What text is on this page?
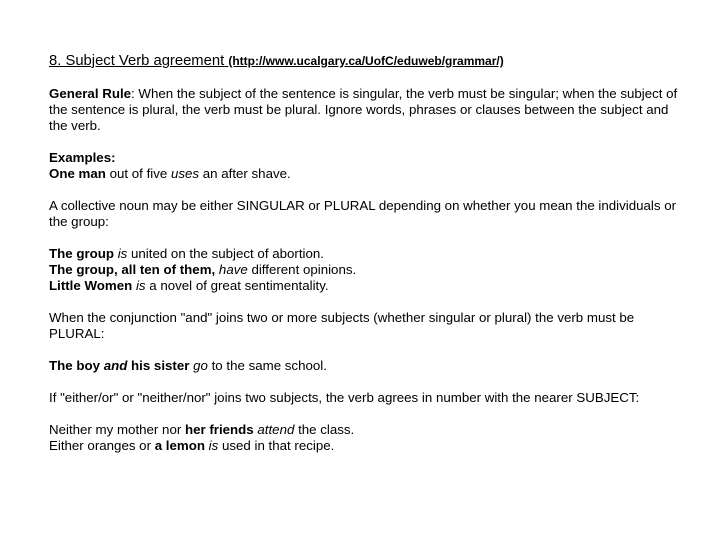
8. Subject Verb agreement (http://www.ucalgary.ca/UofC/eduweb/grammar/)
General Rule: When the subject of the sentence is singular, the verb must be singular; when the subject of the sentence is plural, the verb must be plural. Ignore words, phrases or clauses between the subject and the verb.
Examples:
One man out of five uses an after shave.
A collective noun may be either SINGULAR or PLURAL depending on whether you mean the individuals or the group:
The group is united on the subject of abortion.
The group, all ten of them, have different opinions.
Little Women is a novel of great sentimentality.
When the conjunction "and" joins two or more subjects (whether singular or plural) the verb must be PLURAL:
The boy and his sister go to the same school.
If "either/or" or "neither/nor" joins two subjects, the verb agrees in number with the nearer SUBJECT:
Neither my mother nor her friends attend the class.
Either oranges or a lemon is used in that recipe.
